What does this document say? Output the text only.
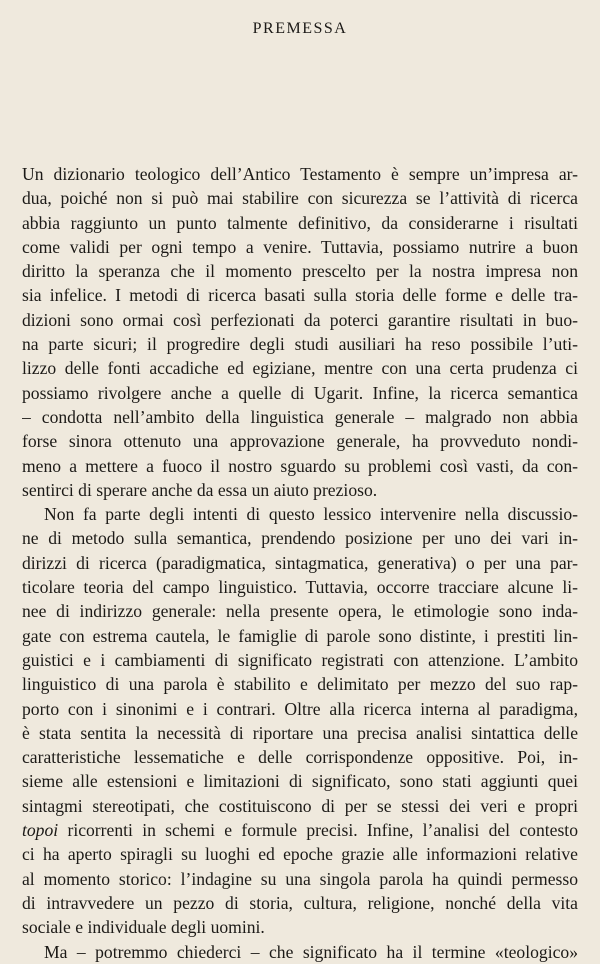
PREMESSA
Un dizionario teologico dell’Antico Testamento è sempre un’impresa ar-
dua, poiché non si può mai stabilire con sicurezza se l’attività di ricerca
abbia raggiunto un punto talmente definitivo, da considerarne i risultati
come validi per ogni tempo a venire. Tuttavia, possiamo nutrire a buon
diritto la speranza che il momento prescelto per la nostra impresa non
sia infelice. I metodi di ricerca basati sulla storia delle forme e delle tra-
dizioni sono ormai così perfezionati da poterci garantire risultati in buo-
na parte sicuri; il progredire degli studi ausiliari ha reso possibile l’uti-
lizzo delle fonti accadiche ed egiziane, mentre con una certa prudenza ci
possiamo rivolgere anche a quelle di Ugarit. Infine, la ricerca semantica
– condotta nell’ambito della linguistica generale – malgrado non abbia
forse sinora ottenuto una approvazione generale, ha provveduto nondi-
meno a mettere a fuoco il nostro sguardo su problemi così vasti, da con-
sentirci di sperare anche da essa un aiuto prezioso.
Non fa parte degli intenti di questo lessico intervenire nella discussio-
ne di metodo sulla semantica, prendendo posizione per uno dei vari in-
dirizzi di ricerca (paradigmatica, sintagmatica, generativa) o per una par-
ticolare teoria del campo linguistico. Tuttavia, occorre tracciare alcune li-
nee di indirizzo generale: nella presente opera, le etimologie sono inda-
gate con estrema cautela, le famiglie di parole sono distinte, i prestiti lin-
guistici e i cambiamenti di significato registrati con attenzione. L’ambito
linguistico di una parola è stabilito e delimitato per mezzo del suo rap-
porto con i sinonimi e i contrari. Oltre alla ricerca interna al paradigma,
è stata sentita la necessità di riportare una precisa analisi sintattica delle
caratteristiche lessematiche e delle corrispondenze oppositive. Poi, in-
sieme alle estensioni e limitazioni di significato, sono stati aggiunti quei
sintagmi stereotipati, che costituiscono di per se stessi dei veri e propri
topoi ricorrenti in schemi e formule precisi. Infine, l’analisi del contesto
ci ha aperto spiragli su luoghi ed epoche grazie alle informazioni relative
al momento storico: l’indagine su una singola parola ha quindi permesso
di intravvedere un pezzo di storia, cultura, religione, nonché della vita
sociale e individuale degli uomini.
Ma – potremmo chiederci – che significato ha il termine «teologico»
